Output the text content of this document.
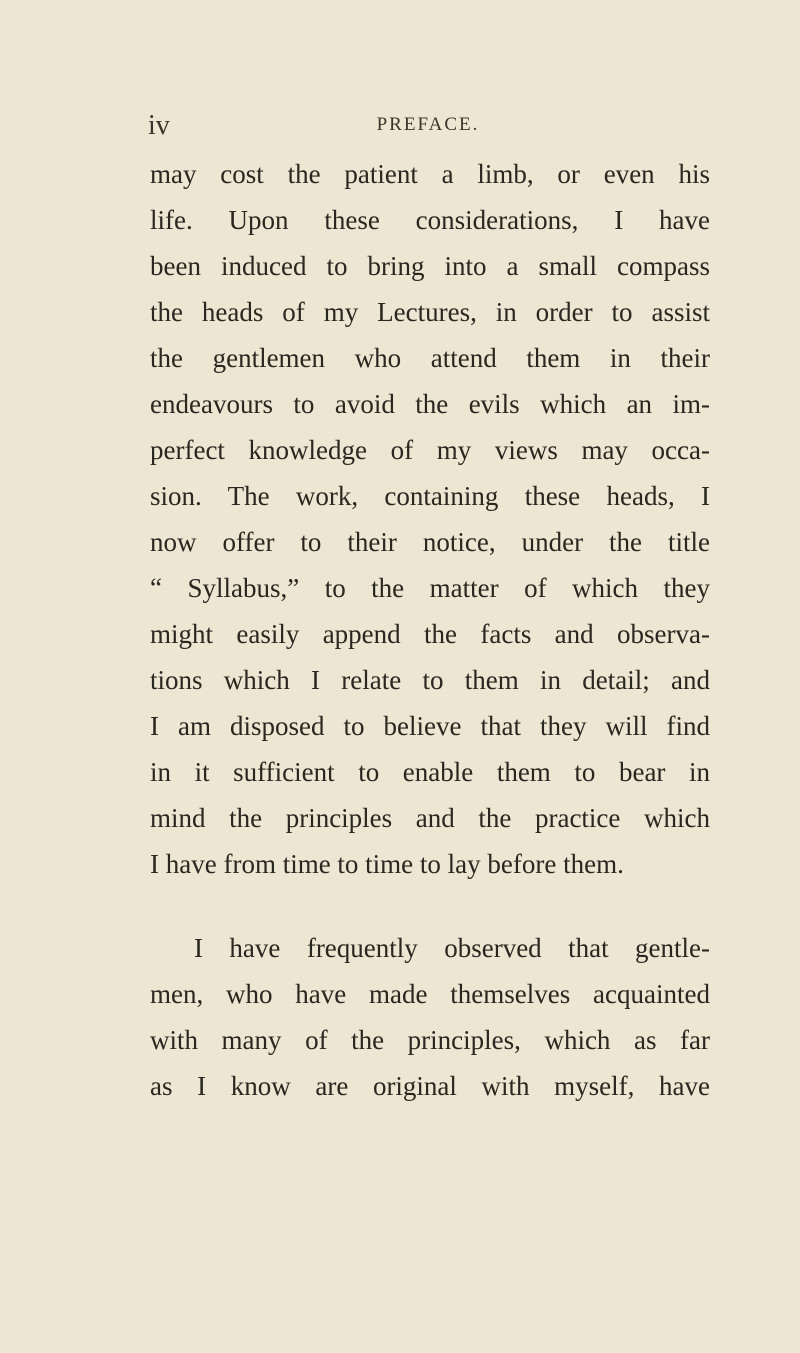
iv	PREFACE.
may cost the patient a limb, or even his
life. Upon these considerations, I have
been induced to bring into a small compass
the heads of my Lectures, in order to assist
the gentlemen who attend them in their
endeavours to avoid the evils which an im-
perfect knowledge of my views may occa-
sion. The work, containing these heads, I
now offer to their notice, under the title
“ Syllabus,” to the matter of which they
might easily append the facts and observa-
tions which I relate to them in detail; and
I am disposed to believe that they will find
in it sufficient to enable them to bear in
mind the principles and the practice which
I have from time to time to lay before them.
I have frequently observed that gentle-
men, who have made themselves acquainted
with many of the principles, which as far
as I know are original with myself, have
